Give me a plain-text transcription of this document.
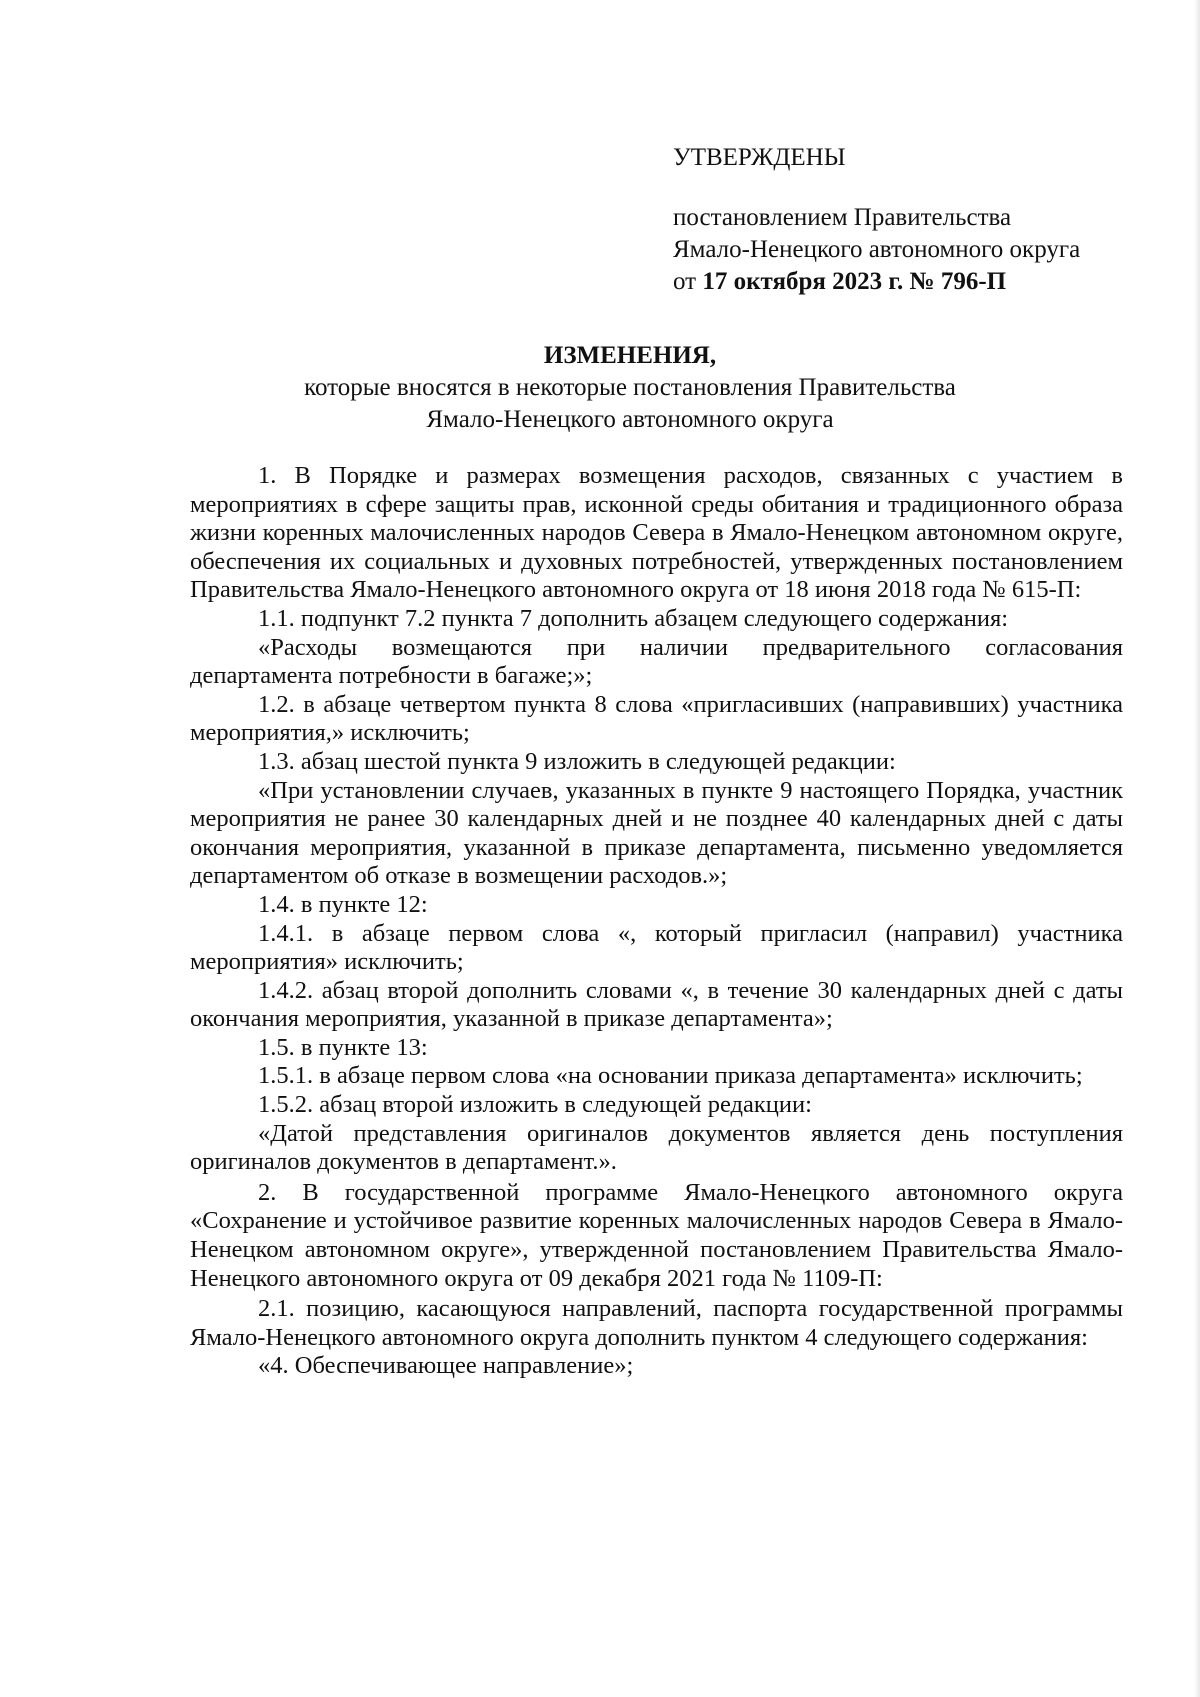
УТВЕРЖДЕНЫ
постановлением Правительства
Ямало-Ненецкого автономного округа
от 17 октября 2023 г. № 796-П
ИЗМЕНЕНИЯ,
которые вносятся в некоторые постановления Правительства
Ямало-Ненецкого автономного округа

1. В Порядке и размерах возмещения расходов, связанных с участием в мероприятиях в сфере защиты прав, исконной среды обитания и традиционного образа жизни коренных малочисленных народов Севера в Ямало-Ненецком автономном округе, обеспечения их социальных и духовных потребностей, утвержденных постановлением Правительства Ямало-Ненецкого автономного округа от 18 июня 2018 года № 615-П:

1.1. подпункт 7.2 пункта 7 дополнить абзацем следующего содержания:

«Расходы возмещаются при наличии предварительного согласования департамента потребности в багаже;»;

1.2. в абзаце четвертом пункта 8 слова «пригласивших (направивших) участника мероприятия,» исключить;

1.3. абзац шестой пункта 9 изложить в следующей редакции:

«При установлении случаев, указанных в пункте 9 настоящего Порядка, участник мероприятия не ранее 30 календарных дней и не позднее 40 календарных дней с даты окончания мероприятия, указанной в приказе департамента, письменно уведомляется департаментом об отказе в возмещении расходов.»;

1.4. в пункте 12:

1.4.1. в абзаце первом слова «, который пригласил (направил) участника мероприятия» исключить;

1.4.2. абзац второй дополнить словами «, в течение 30 календарных дней с даты окончания мероприятия, указанной в приказе департамента»;

1.5. в пункте 13:

1.5.1. в абзаце первом слова «на основании приказа департамента» исключить;

1.5.2. абзац второй изложить в следующей редакции:

«Датой представления оригиналов документов является день поступления оригиналов документов в департамент.».

2. В государственной программе Ямало-Ненецкого автономного округа «Сохранение и устойчивое развитие коренных малочисленных народов Севера в Ямало-Ненецком автономном округе», утвержденной постановлением Правительства Ямало-Ненецкого автономного округа от 09 декабря 2021 года № 1109-П:

2.1. позицию, касающуюся направлений, паспорта государственной программы Ямало-Ненецкого автономного округа дополнить пунктом 4 следующего содержания:

«4. Обеспечивающее направление»;
